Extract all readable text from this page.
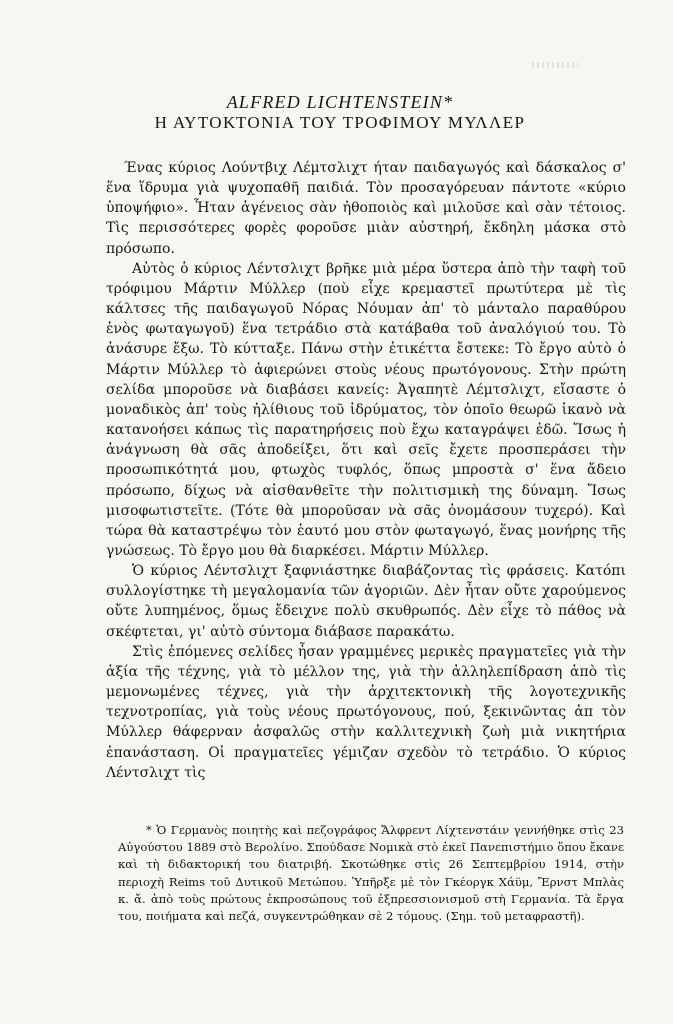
ALFRED LICHTENSTEIN*

Η ΑΥΤΟΚΤΟΝΙΑ ΤΟΥ ΤΡΟΦΙΜΟΥ ΜΥΛΛΕΡ

Ένας κύριος Λούντβιχ Λέμτσλιχτ ήταν παιδαγωγός καὶ δάσκαλος σ' ἕνα ἵδρυμα γιὰ ψυχοπαθῆ παιδιά. Τὸν προσαγόρευαν πάντοτε «κύριο ὑποψήφιο». Ἦταν ἀγένειος σὰν ἠθοποιὸς καὶ μιλοῦσε καὶ σὰν τέτοιος. Τὶς περισσότερες φορὲς φοροῦσε μιὰν αὐστηρή, ἔκδηλη μάσκα στὸ πρόσωπο.

Αὐτὸς ὁ κύριος Λέντσλιχτ βρῆκε μιὰ μέρα ὕστερα ἀπὸ τὴν ταφὴ τοῦ τρόφιμου Μάρτιν Μύλλερ (ποὺ εἶχε κρεμαστεῖ πρωτύτερα μὲ τὶς κάλτσες τῆς παιδαγωγοῦ Νόρας Νόυμαν ἀπ' τὸ μάνταλο παραθύρου ἑνὸς φωταγωγοῦ) ἕνα τετράδιο στὰ κατάβαθα τοῦ ἀναλόγιού του. Τὸ ἀνάσυρε ἔξω. Τὸ κύτταξε. Πάνω στὴν ἐτικέττα ἔστεκε: Τὸ ἔργο αὐτὸ ὁ Μάρτιν Μύλλερ τὸ ἀφιερώνει στοὺς νέους πρωτόγονους. Στὴν πρώτη σελίδα μποροῦσε νὰ διαβάσει κανείς: Ἀγαπητὲ Λέμτσλιχτ, εἴσαστε ὁ μοναδικὸς ἀπ' τοὺς ἠλίθιους τοῦ ἱδρύματος, τὸν ὁποῖο θεωρῶ ἱκανὸ νὰ κατανοήσει κάπως τὶς παρατηρήσεις ποὺ ἔχω καταγράψει ἐδῶ. Ἴσως ἡ ἀνάγνωση θὰ σᾶς ἀποδείξει, ὅτι καὶ σεῖς ἔχετε προσπεράσει τὴν προσωπικότητά μου, φτωχὸς τυφλός, ὅπως μπροστὰ σ' ἕνα ἄδειο πρόσωπο, δίχως νὰ αἰσθανθεῖτε τὴν πολιτισμικὴ της δύναμη. Ἴσως μισοφωτιστεῖτε. (Τότε θὰ μποροῦσαν νὰ σᾶς ὀνομάσουν τυχερό). Καὶ τώρα θὰ καταστρέψω τὸν ἑαυτό μου στὸν φωταγωγό, ἕνας μονήρης τῆς γνώσεως. Τὸ ἔργο μου θὰ διαρκέσει. Μάρτιν Μύλλερ.

Ὁ κύριος Λέντσλιχτ ξαφνιάστηκε διαβάζοντας τὶς φράσεις. Κατόπι συλλογίστηκε τὴ μεγαλομανία τῶν ἀγοριῶν. Δὲν ἦταν οὔτε χαρούμενος οὔτε λυπημένος, ὅμως ἔδειχνε πολὺ σκυθρωπός. Δὲν εἶχε τὸ πάθος νὰ σκέφτεται, γι' αὐτὸ σύντομα διάβασε παρακάτω.

Στὶς ἑπόμενες σελίδες ἦσαν γραμμένες μερικὲς πραγματεῖες γιὰ τὴν ἀξία τῆς τέχνης, γιὰ τὸ μέλλον της, γιὰ τὴν ἀλληλεπίδραση ἀπὸ τὶς μεμονωμένες τέχνες, γιὰ τὴν ἀρχιτεκτονικὴ τῆς λογοτεχνικῆς τεχνοτροπίας, γιὰ τοὺς νέους πρωτόγονους, πού, ξεκινῶντας ἀπ τὸν Μύλλερ θάφερναν ἀσφαλῶς στὴν καλλιτεχνικὴ ζωὴ μιὰ νικητήρια ἐπανάσταση. Οἱ πραγματεῖες γέμιζαν σχεδὸν τὸ τετράδιο. Ὁ κύριος Λέντσλιχτ τὶς

* Ὁ Γερμανὸς ποιητὴς καὶ πεζογράφος Ἄλφρεντ Λίχτενστάιν γεννήθηκε στὶς 23 Αὐγούστου 1889 στὸ Βερολίνο. Σπούδασε Νομικὰ στὸ ἐκεῖ Πανεπιστήμιο ὅπου ἔκανε καὶ τὴ διδακτορική του διατριβή. Σκοτώθηκε στὶς 26 Σεπτεμβρίου 1914, στὴν περιοχὴ Reims τοῦ Δυτικοῦ Μετώπου. Ὑπῆρξε μὲ τὸν Γκέοργκ Χάϋμ, Ἔρνστ Μπλὰς κ. ἄ. ἀπὸ τοὺς πρώτους ἐκπροσώπους τοῦ ἐξπρεσσιονισμοῦ στὴ Γερμανία. Τὰ ἔργα του, ποιήματα καὶ πεζά, συγκεντρώθηκαν σὲ 2 τόμους. (Σημ. τοῦ μεταφραστῆ).
